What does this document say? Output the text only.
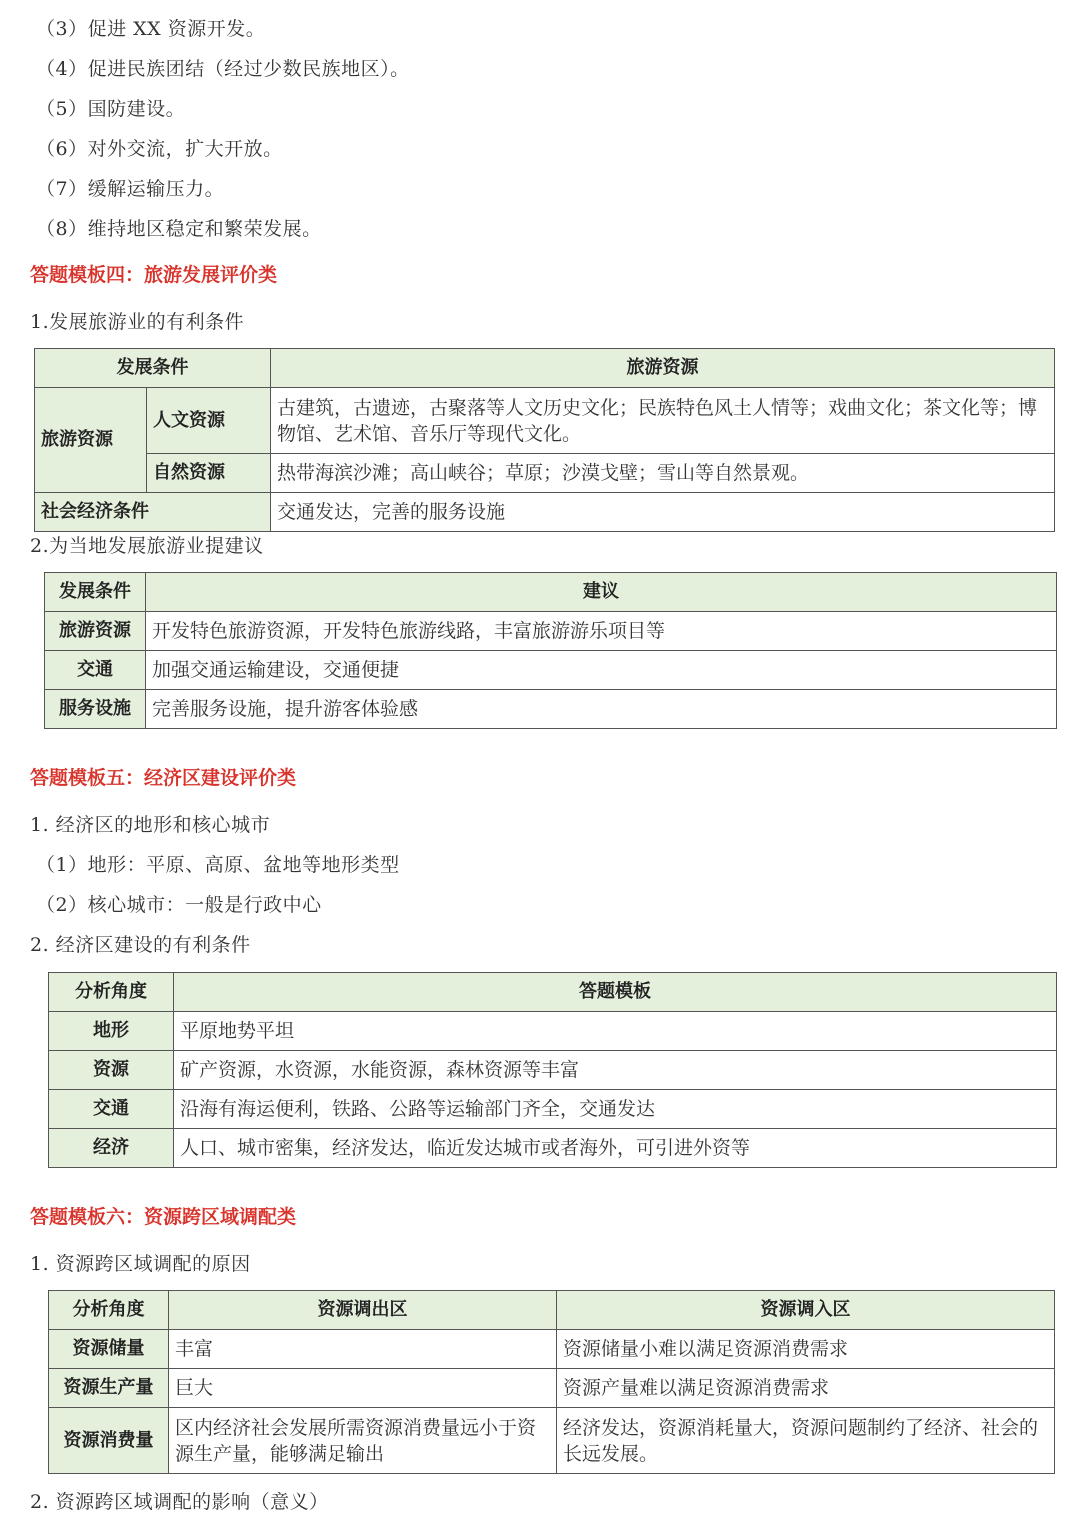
（3）促进 XX 资源开发。
（4）促进民族团结（经过少数民族地区）。
（5）国防建设。
（6）对外交流，扩大开放。
（7）缓解运输压力。
（8）维持地区稳定和繁荣发展。
答题模板四：旅游发展评价类
1.发展旅游业的有利条件
发展条件		旅游资源
旅游资源	人文资源	古建筑，古遗迹，古聚落等人文历史文化；民族特色风土人情等；戏曲文化；茶文化等；博物馆、艺术馆、音乐厅等现代文化。
	自然资源	热带海滨沙滩；高山峡谷；草原；沙漠戈壁；雪山等自然景观。
社会经济条件		交通发达，完善的服务设施
2.为当地发展旅游业提建议
发展条件	建议
旅游资源	开发特色旅游资源，开发特色旅游线路，丰富旅游游乐项目等
交通	加强交通运输建设，交通便捷
服务设施	完善服务设施，提升游客体验感
答题模板五：经济区建设评价类
1. 经济区的地形和核心城市
（1）地形：平原、高原、盆地等地形类型
（2）核心城市：一般是行政中心
2. 经济区建设的有利条件
分析角度	答题模板
地形	平原地势平坦
资源	矿产资源，水资源，水能资源，森林资源等丰富
交通	沿海有海运便利，铁路、公路等运输部门齐全，交通发达
经济	人口、城市密集，经济发达，临近发达城市或者海外，可引进外资等
答题模板六：资源跨区域调配类
1. 资源跨区域调配的原因
分析角度	资源调出区	资源调入区
资源储量	丰富	资源储量小难以满足资源消费需求
资源生产量	巨大	资源产量难以满足资源消费需求
资源消费量	区内经济社会发展所需资源消费量远小于资源生产量，能够满足输出	经济发达，资源消耗量大，资源问题制约了经济、社会的长远发展。
2. 资源跨区域调配的影响（意义）
